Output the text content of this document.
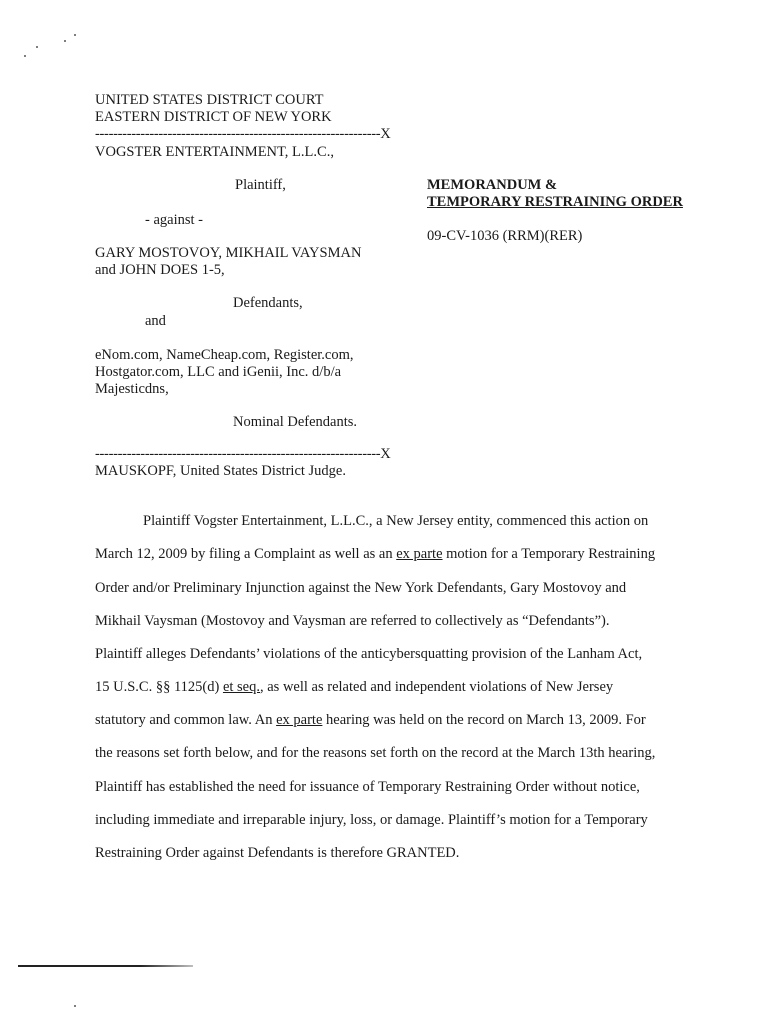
UNITED STATES DISTRICT COURT
EASTERN DISTRICT OF NEW YORK
---------------------------------------------------------------X
VOGSTER ENTERTAINMENT, L.L.C.,
Plaintiff,
- against -
GARY MOSTOVOY, MIKHAIL VAYSMAN
and JOHN DOES 1-5,
Defendants,
and
eNom.com, NameCheap.com, Register.com,
Hostgator.com, LLC and iGenii, Inc. d/b/a
Majesticdns,
Nominal Defendants.
---------------------------------------------------------------X
MAUSKOPF, United States District Judge.
MEMORANDUM &
TEMPORARY RESTRAINING ORDER
09-CV-1036 (RRM)(RER)
Plaintiff Vogster Entertainment, L.L.C., a New Jersey entity, commenced this action on
March 12, 2009 by filing a Complaint as well as an ex parte motion for a Temporary Restraining
Order and/or Preliminary Injunction against the New York Defendants, Gary Mostovoy and
Mikhail Vaysman (Mostovoy and Vaysman are referred to collectively as “Defendants”).
Plaintiff alleges Defendants’ violations of the anticybersquatting provision of the Lanham Act,
15 U.S.C. §§ 1125(d) et seq., as well as related and independent violations of New Jersey
statutory and common law. An ex parte hearing was held on the record on March 13, 2009. For
the reasons set forth below, and for the reasons set forth on the record at the March 13th hearing,
Plaintiff has established the need for issuance of Temporary Restraining Order without notice,
including immediate and irreparable injury, loss, or damage. Plaintiff’s motion for a Temporary
Restraining Order against Defendants is therefore GRANTED.
